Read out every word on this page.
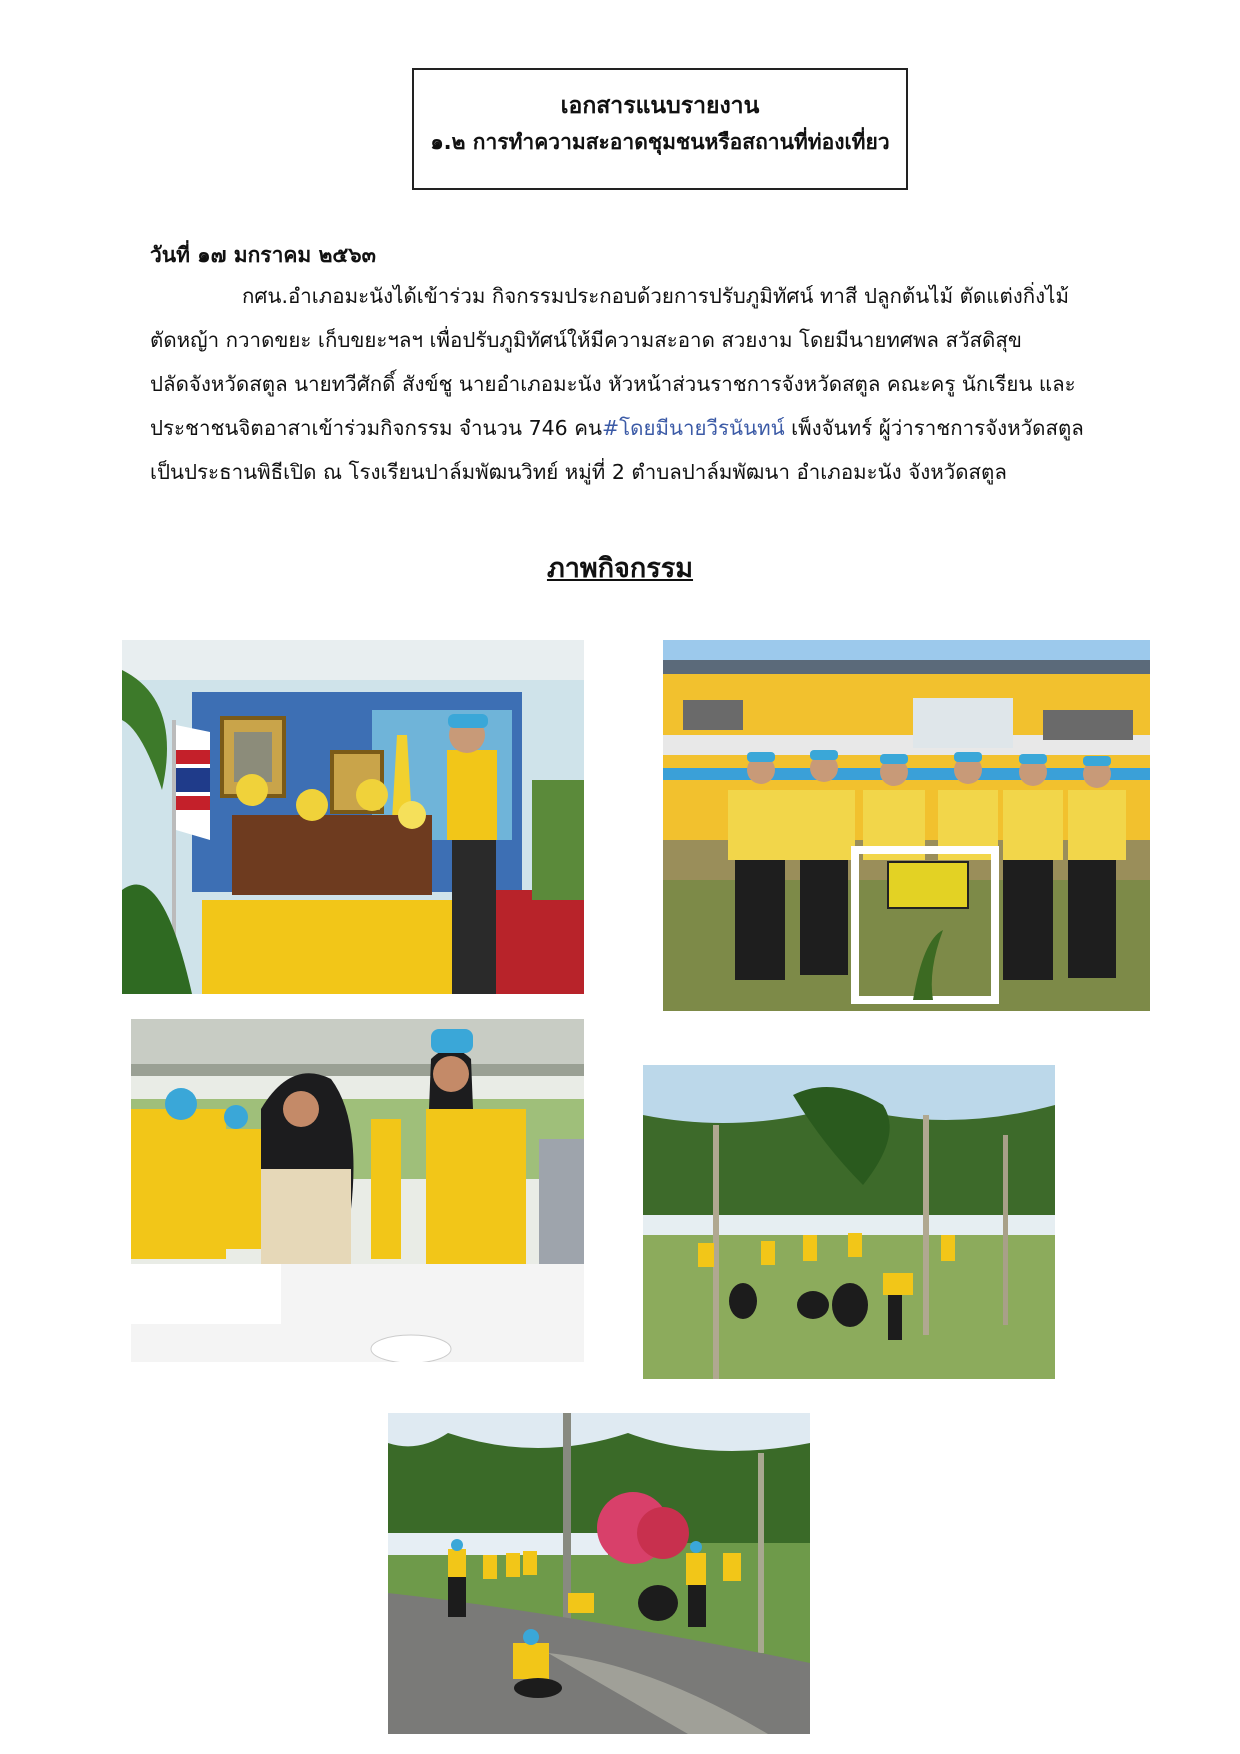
เอกสารแนบรายงาน
๑.๒ การทำความสะอาดชุมชนหรือสถานที่ท่องเที่ยว
วันที่ ๑๗ มกราคม ๒๕๖๓
กศน.อำเภอมะนังได้เข้าร่วม กิจกรรมประกอบด้วยการปรับภูมิทัศน์ ทาสี ปลูกต้นไม้ ตัดแต่งกิ่งไม้
ตัดหญ้า กวาดขยะ เก็บขยะฯลฯ เพื่อปรับภูมิทัศน์ให้มีความสะอาด สวยงาม โดยมีนายทศพล สวัสดิสุข
ปลัดจังหวัดสตูล นายทวีศักดิ์ สังข์ชู นายอำเภอมะนัง หัวหน้าส่วนราชการจังหวัดสตูล คณะครู นักเรียน และ
ประชาชนจิตอาสาเข้าร่วมกิจกรรม จำนวน 746 คน#โดยมีนายวีรนันทน์ เพ็งจันทร์ ผู้ว่าราชการจังหวัดสตูล
เป็นประธานพิธีเปิด ณ โรงเรียนปาล์มพัฒนวิทย์ หมู่ที่ 2 ตำบลปาล์มพัฒนา อำเภอมะนัง จังหวัดสตูล
ภาพกิจกรรม
